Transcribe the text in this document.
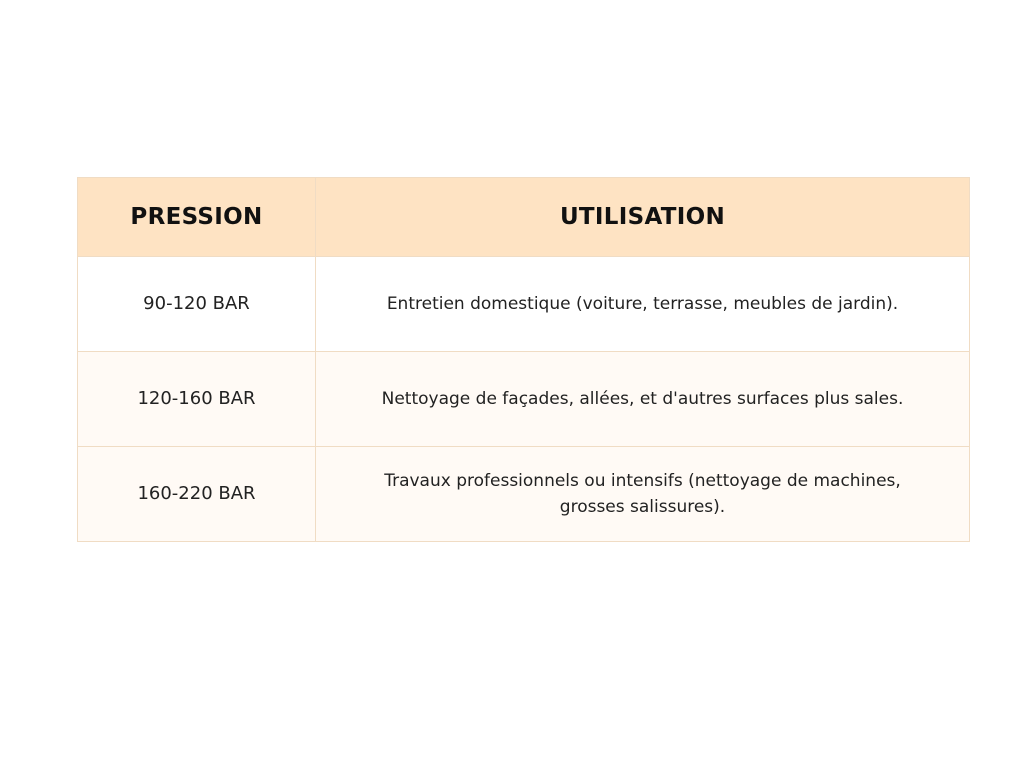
PRESSION	UTILISATION
90-120 BAR	Entretien domestique (voiture, terrasse, meubles de jardin).
120-160 BAR	Nettoyage de façades, allées, et d'autres surfaces plus sales.
160-220 BAR	Travaux professionnels ou intensifs (nettoyage de machines, grosses salissures).
